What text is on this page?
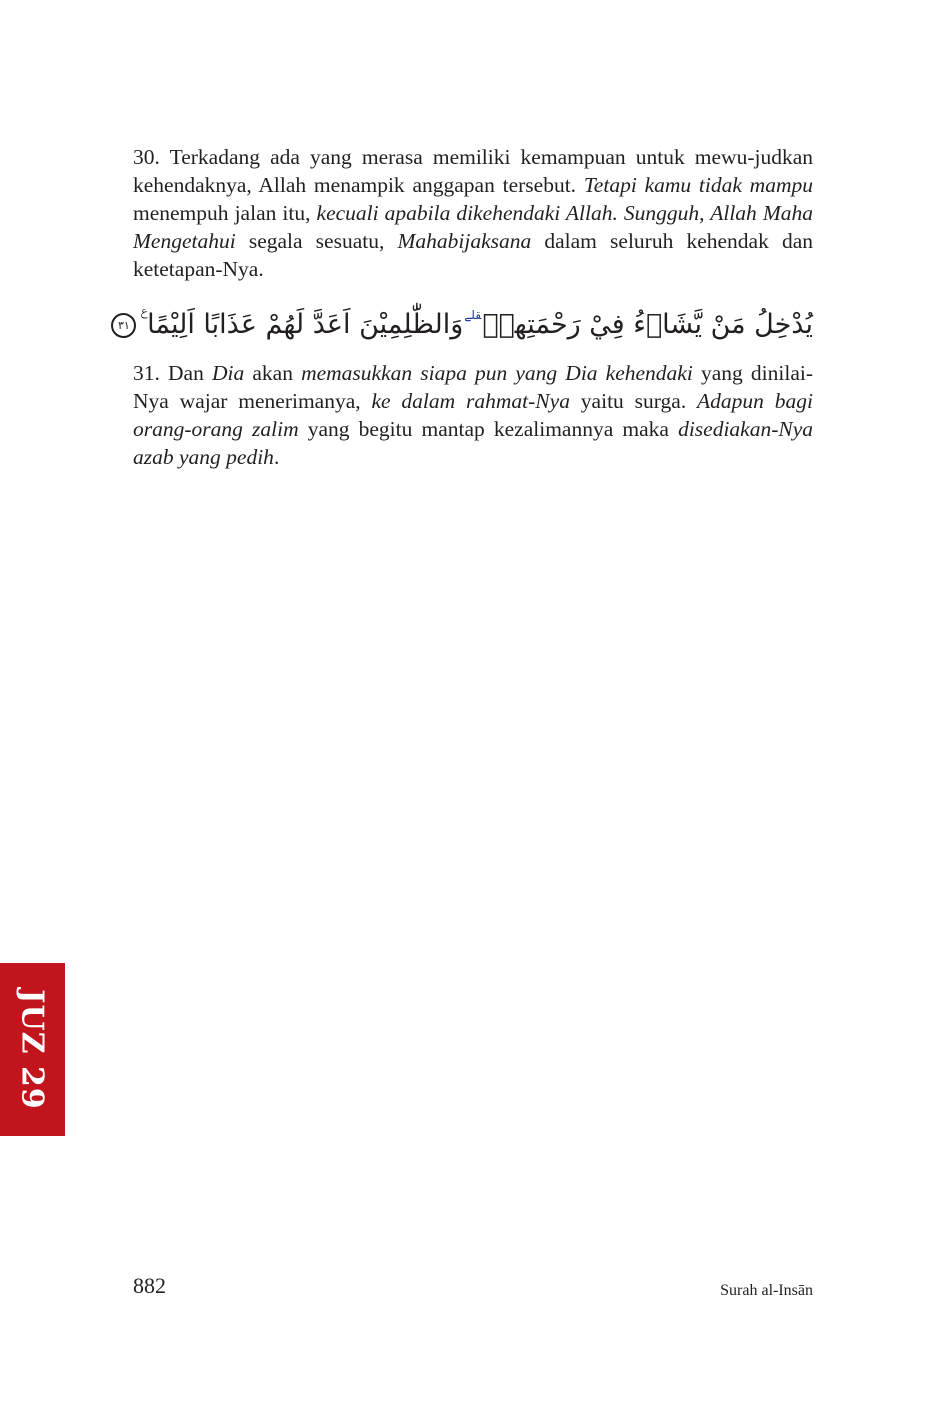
30. Terkadang ada yang merasa memiliki kemampuan untuk mewu-judkan kehendaknya, Allah menampik anggapan tersebut. Tetapi kamu tidak mampu menempuh jalan itu, kecuali apabila dikehendaki Allah. Sungguh, Allah Maha Mengetahui segala sesuatu, Mahabijaksana dalam seluruh kehendak dan ketetapan-Nya.

يُدْخِلُ مَنْ يَّشَاۤءُ فِيْ رَحْمَتِهٖۗ$^{قلے}$وَالظّٰلِمِيْنَ اَعَدَّ لَهُمْ عَذَابًا اَلِيْمًا ࣖ٣١

31. Dan Dia akan memasukkan siapa pun yang Dia kehendaki yang dinilai-Nya wajar menerimanya, ke dalam rahmat-Nya yaitu surga. Adapun bagi orang-orang zalim yang begitu mantap kezalimannya maka disediakan-Nya azab yang pedih.

JUZ 29
882	Surah al-Insān
